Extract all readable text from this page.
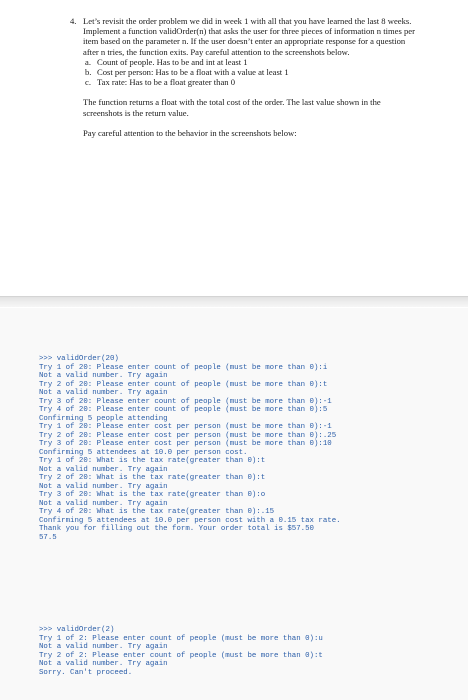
4. Let’s revisit the order problem we did in week 1 with all that you have learned the last 8 weeks. Implement a function validOrder(n) that asks the user for three pieces of information n times per item based on the parameter n. If the user doesn’t enter an appropriate response for a question after n tries, the function exits. Pay careful attention to the screenshots below.

a. Count of people. Has to be and int at least 1
b. Cost per person: Has to be a float with a value at least 1
c. Tax rate: Has to be a float greater than 0

The function returns a float with the total cost of the order. The last value shown in the screenshots is the return value.

Pay careful attention to the behavior in the screenshots below:

>>> validOrder(20)
Try 1 of 20: Please enter count of people (must be more than 0):i
Not a valid number. Try again
Try 2 of 20: Please enter count of people (must be more than 0):t
Not a valid number. Try again
Try 3 of 20: Please enter count of people (must be more than 0):-1
Try 4 of 20: Please enter count of people (must be more than 0):5
Confirming 5 people attending
Try 1 of 20: Please enter cost per person (must be more than 0):-1
Try 2 of 20: Please enter cost per person (must be more than 0):.25
Try 3 of 20: Please enter cost per person (must be more than 0):10
Confirming 5 attendees at 10.0 per person cost.
Try 1 of 20: What is the tax rate(greater than 0):t
Not a valid number. Try again
Try 2 of 20: What is the tax rate(greater than 0):t
Not a valid number. Try again
Try 3 of 20: What is the tax rate(greater than 0):o
Not a valid number. Try again
Try 4 of 20: What is the tax rate(greater than 0):.15
Confirming 5 attendees at 10.0 per person cost with a 0.15 tax rate.
Thank you for filling out the form. Your order total is $57.50
57.5

>>> validOrder(2)
Try 1 of 2: Please enter count of people (must be more than 0):u
Not a valid number. Try again
Try 2 of 2: Please enter count of people (must be more than 0):t
Not a valid number. Try again
Sorry. Can't proceed.
